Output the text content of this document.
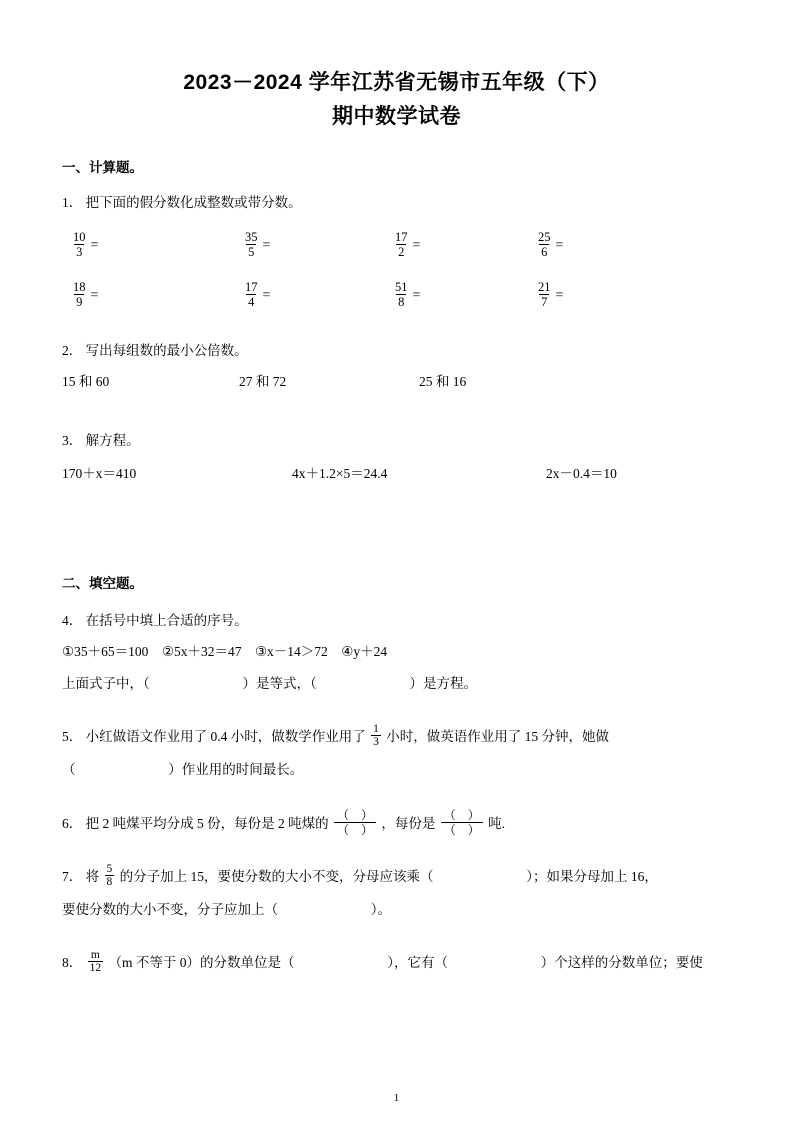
2023－2024 学年江苏省无锡市五年级（下）
期中数学试卷
一、计算题。
1． 把下面的假分数化成整数或带分数。
$\frac{10}{3}$ =	$\frac{35}{5}$ =	$\frac{17}{2}$ =	$\frac{25}{6}$ =
$\frac{18}{9}$ =	$\frac{17}{4}$ =	$\frac{51}{8}$ =	$\frac{21}{7}$ =
2． 写出每组数的最小公倍数。
15 和 60	27 和 72	25 和 16
3． 解方程。
170＋x＝410	4x＋1.2×5＝24.4	2x－0.4＝10
二、填空题。
4． 在括号中填上合适的序号。
①35＋65＝100　②5x＋32＝47　③x－14＞72　④y＋24
上面式子中，（	）是等式，（	）是方程。
5． 小红做语文作业用了 0.4 小时，做数学作业用了 $\frac{1}{3}$ 小时，做英语作业用了 15 分钟，她做
（	）作业用的时间最长。
6． 把 2 吨煤平均分成 5 份，每份是 2 吨煤的 $\frac{( )}{( )}$ ，每份是 $\frac{( )}{( )}$ 吨.
7． 将 $\frac{5}{8}$ 的分子加上 15，要使分数的大小不变，分母应该乘（	）；如果分母加上 16，
要使分数的大小不变，分子应加上（	）。
8． $\frac{m}{12} (m$ 不等于 0）的分数单位是（	），它有（	）个这样的分数单位；要使
1
